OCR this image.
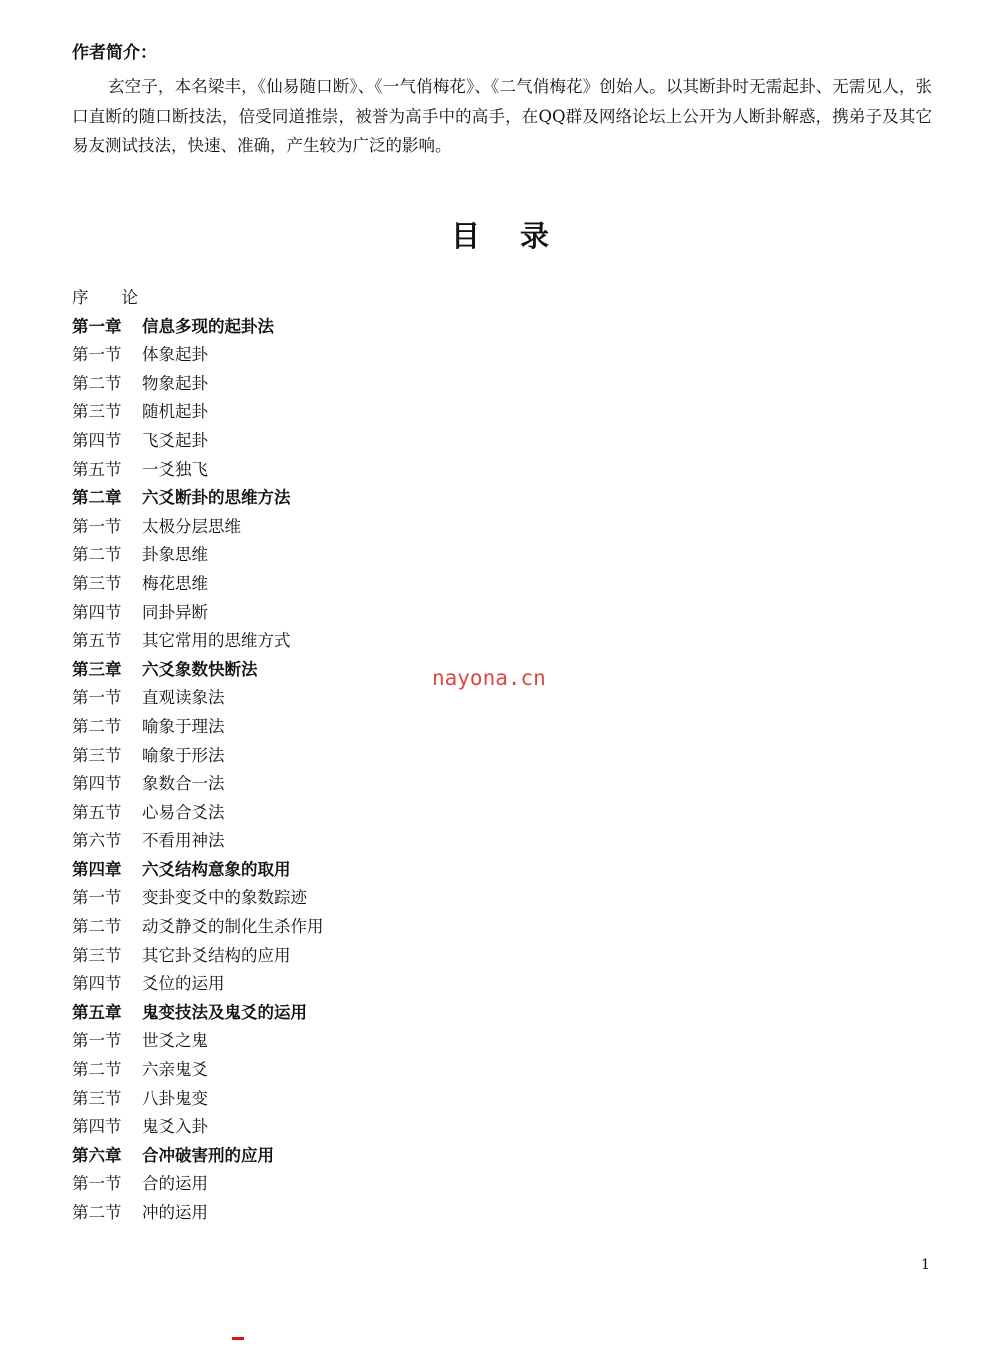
作者简介：

玄空子，本名梁丰，《仙易随口断》、《一气俏梅花》、《二气俏梅花》创始人。以其断卦时无需起卦、无需见人，张口直断的随口断技法，倍受同道推崇，被誉为高手中的高手，在QQ群及网络论坛上公开为人断卦解惑，携弟子及其它易友测试技法，快速、准确，产生较为广泛的影响。

目录
序　　论
第一章 信息多现的起卦法
第一节 体象起卦
第二节 物象起卦
第三节 随机起卦
第四节 飞爻起卦
第五节 一爻独飞
第二章 六爻断卦的思维方法
第一节 太极分层思维
第二节 卦象思维
第三节 梅花思维
第四节 同卦异断
第五节 其它常用的思维方式
第三章 六爻象数快断法
第一节 直观读象法
第二节 喻象于理法
第三节 喻象于形法
第四节 象数合一法
第五节 心易合爻法
第六节 不看用神法
第四章 六爻结构意象的取用
第一节 变卦变爻中的象数踪迹
第二节 动爻静爻的制化生杀作用
第三节 其它卦爻结构的应用
第四节 爻位的运用
第五章 鬼变技法及鬼爻的运用
第一节 世爻之鬼
第二节 六亲鬼爻
第三节 八卦鬼变
第四节 鬼爻入卦
第六章 合冲破害刑的应用
第一节 合的运用
第二节 冲的运用

nayona.cn

1
